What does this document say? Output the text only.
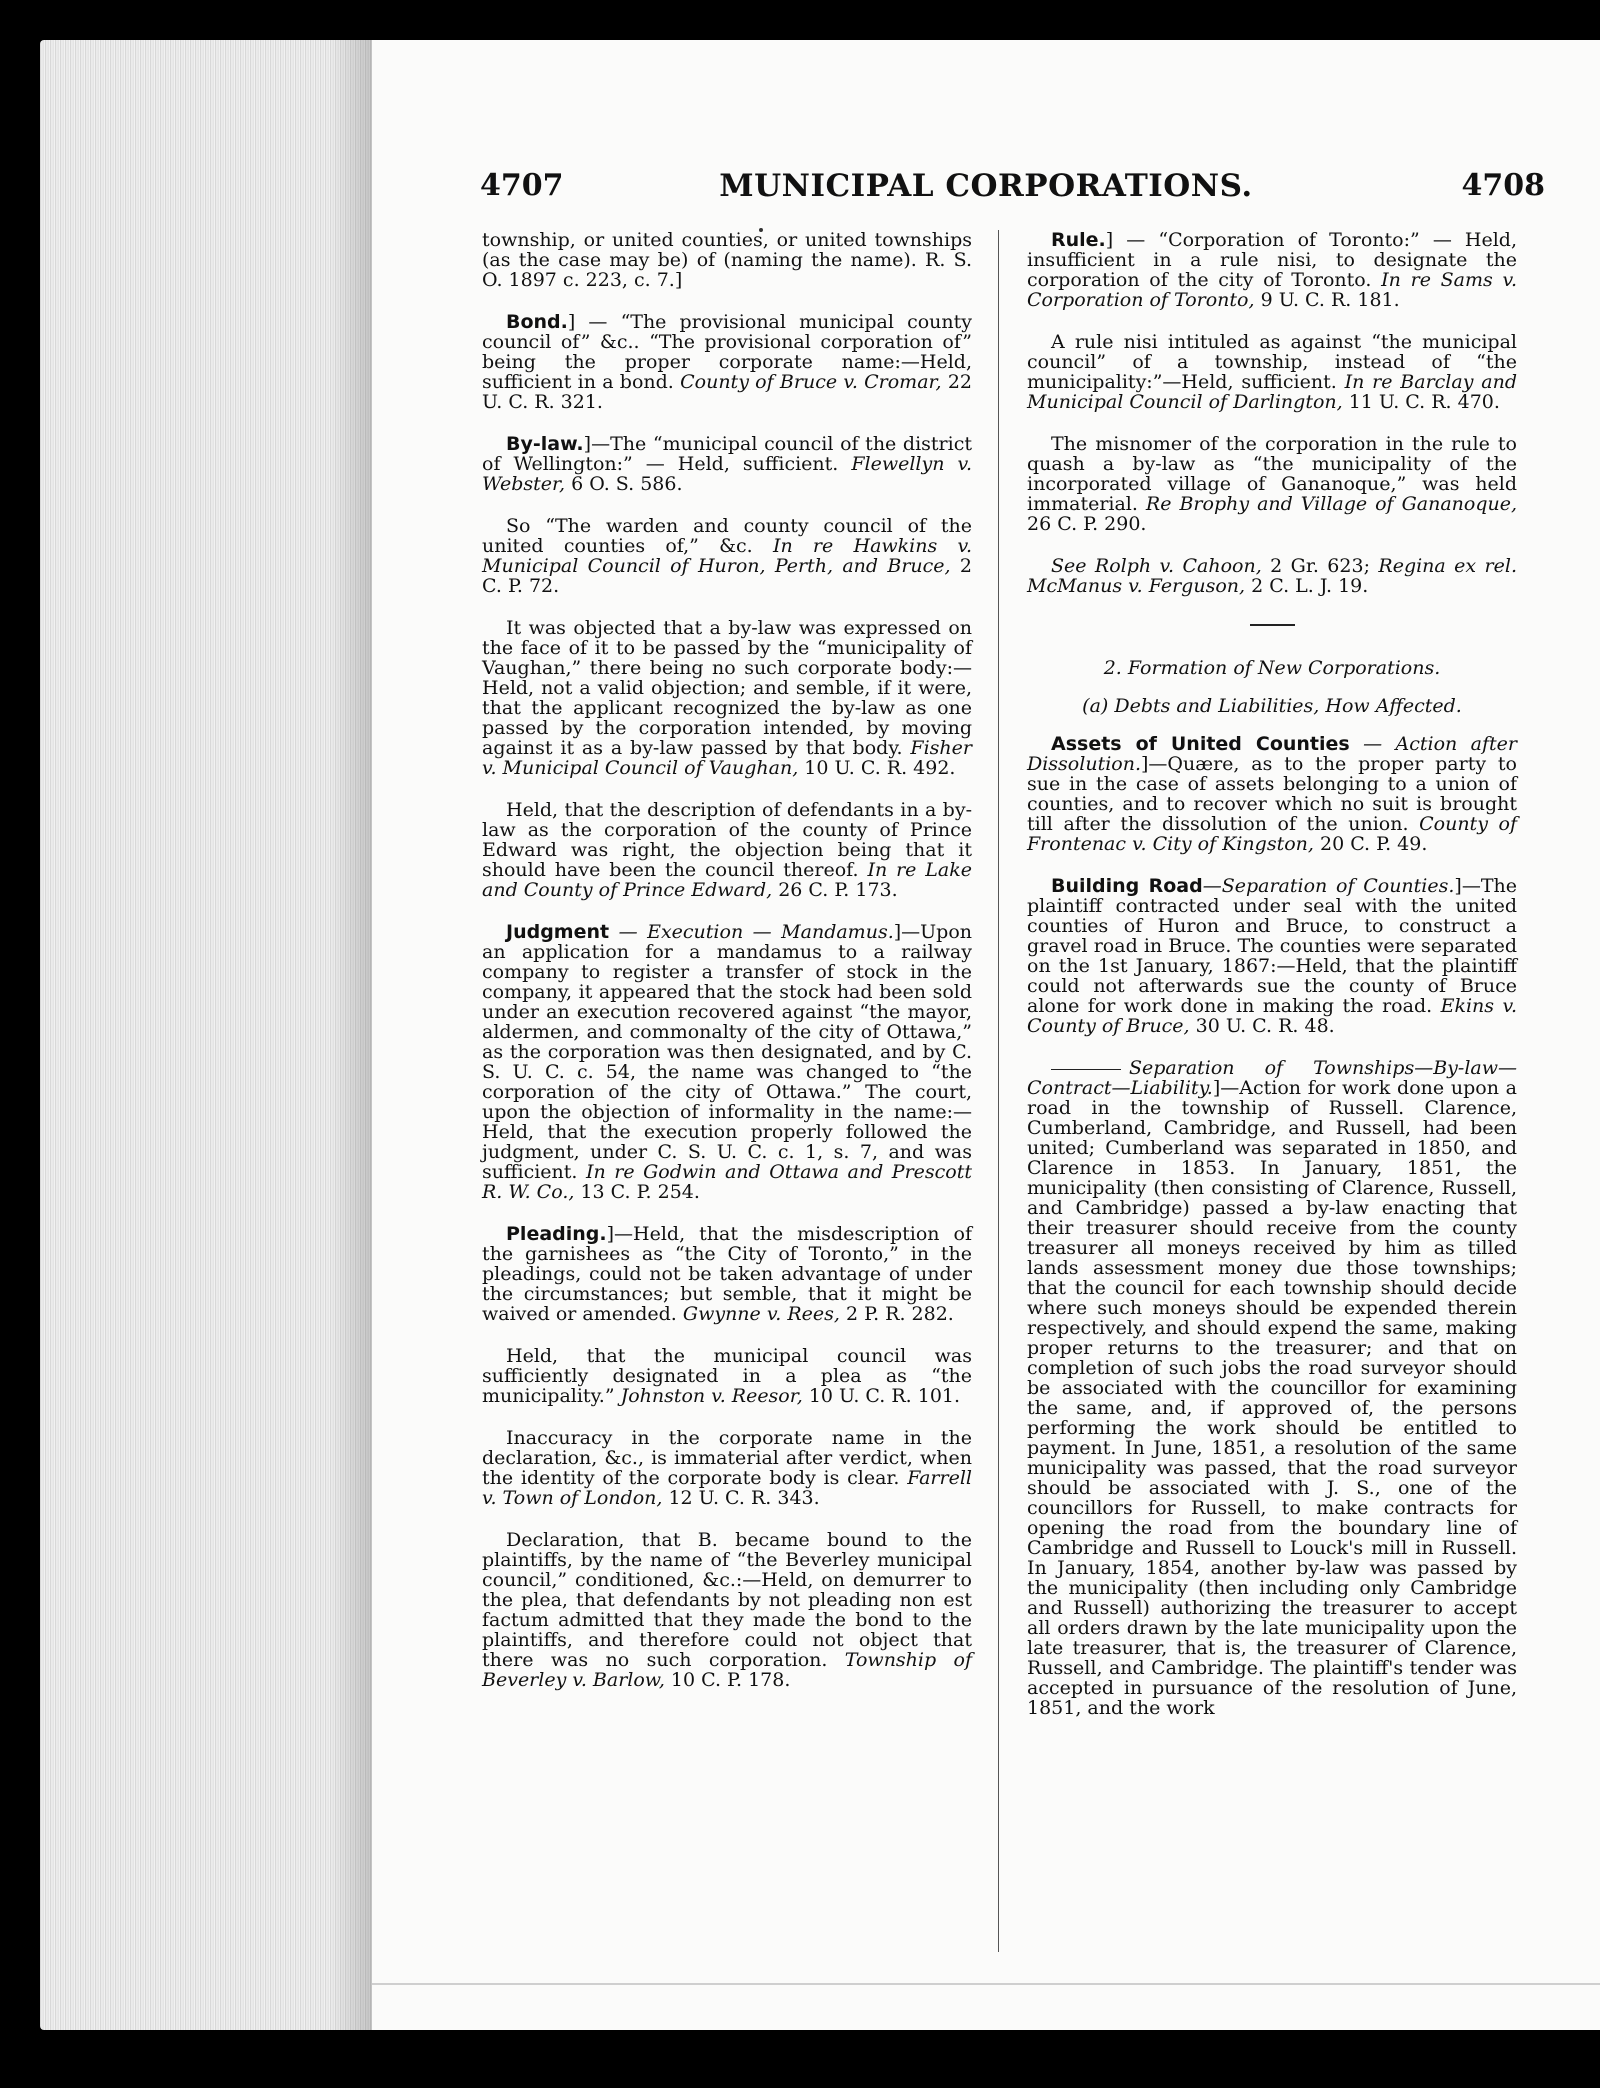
4707	MUNICIPAL CORPORATIONS.	4708

township, or united counties, or united townships (as the case may be) of (naming the name). R. S. O. 1897 c. 223, c. 7.]

Bond.] — “The provisional municipal county council of” &c.. “The provisional corporation of” being the proper corporate name:—Held, sufficient in a bond. County of Bruce v. Cromar, 22 U. C. R. 321.

By-law.]—The “municipal council of the district of Wellington:” — Held, sufficient. Flewellyn v. Webster, 6 O. S. 586.

So “The warden and county council of the united counties of,” &c. In re Hawkins v. Municipal Council of Huron, Perth, and Bruce, 2 C. P. 72.

It was objected that a by-law was expressed on the face of it to be passed by the “municipality of Vaughan,” there being no such corporate body:—Held, not a valid objection; and semble, if it were, that the applicant recognized the by-law as one passed by the corporation intended, by moving against it as a by-law passed by that body. Fisher v. Municipal Council of Vaughan, 10 U. C. R. 492.

Held, that the description of defendants in a by-law as the corporation of the county of Prince Edward was right, the objection being that it should have been the council thereof. In re Lake and County of Prince Edward, 26 C. P. 173.

Judgment — Execution — Mandamus.]—Upon an application for a mandamus to a railway company to register a transfer of stock in the company, it appeared that the stock had been sold under an execution recovered against “the mayor, aldermen, and commonalty of the city of Ottawa,” as the corporation was then designated, and by C. S. U. C. c. 54, the name was changed to “the corporation of the city of Ottawa.” The court, upon the objection of informality in the name:—Held, that the execution properly followed the judgment, under C. S. U. C. c. 1, s. 7, and was sufficient. In re Godwin and Ottawa and Prescott R. W. Co., 13 C. P. 254.

Pleading.]—Held, that the misdescription of the garnishees as “the City of Toronto,” in the pleadings, could not be taken advantage of under the circumstances; but semble, that it might be waived or amended. Gwynne v. Rees, 2 P. R. 282.

Held, that the municipal council was sufficiently designated in a plea as “the municipality.” Johnston v. Reesor, 10 U. C. R. 101.

Inaccuracy in the corporate name in the declaration, &c., is immaterial after verdict, when the identity of the corporate body is clear. Farrell v. Town of London, 12 U. C. R. 343.

Declaration, that B. became bound to the plaintiffs, by the name of “the Beverley municipal council,” conditioned, &c.:—Held, on demurrer to the plea, that defendants by not pleading non est factum admitted that they made the bond to the plaintiffs, and therefore could not object that there was no such corporation. Township of Beverley v. Barlow, 10 C. P. 178.

Rule.] — “Corporation of Toronto:” — Held, insufficient in a rule nisi, to designate the corporation of the city of Toronto. In re Sams v. Corporation of Toronto, 9 U. C. R. 181.

A rule nisi intituled as against “the municipal council” of a township, instead of “the municipality:”—Held, sufficient. In re Barclay and Municipal Council of Darlington, 11 U. C. R. 470.

The misnomer of the corporation in the rule to quash a by-law as “the municipality of the incorporated village of Gananoque,” was held immaterial. Re Brophy and Village of Gananoque, 26 C. P. 290.

See Rolph v. Cahoon, 2 Gr. 623; Regina ex rel. McManus v. Ferguson, 2 C. L. J. 19.

2. Formation of New Corporations.

(a) Debts and Liabilities, How Affected.

Assets of United Counties — Action after Dissolution.]—Quære, as to the proper party to sue in the case of assets belonging to a union of counties, and to recover which no suit is brought till after the dissolution of the union. County of Frontenac v. City of Kingston, 20 C. P. 49.

Building Road—Separation of Counties.]—The plaintiff contracted under seal with the united counties of Huron and Bruce, to construct a gravel road in Bruce. The counties were separated on the 1st January, 1867:—Held, that the plaintiff could not afterwards sue the county of Bruce alone for work done in making the road. Ekins v. County of Bruce, 30 U. C. R. 48.

Separation of Townships—By-law—Contract—Liability.]—Action for work done upon a road in the township of Russell. Clarence, Cumberland, Cambridge, and Russell, had been united; Cumberland was separated in 1850, and Clarence in 1853. In January, 1851, the municipality (then consisting of Clarence, Russell, and Cambridge) passed a by-law enacting that their treasurer should receive from the county treasurer all moneys received by him as tilled lands assessment money due those townships; that the council for each township should decide where such moneys should be expended therein respectively, and should expend the same, making proper returns to the treasurer; and that on completion of such jobs the road surveyor should be associated with the councillor for examining the same, and, if approved of, the persons performing the work should be entitled to payment. In June, 1851, a resolution of the same municipality was passed, that the road surveyor should be associated with J. S., one of the councillors for Russell, to make contracts for opening the road from the boundary line of Cambridge and Russell to Louck's mill in Russell. In January, 1854, another by-law was passed by the municipality (then including only Cambridge and Russell) authorizing the treasurer to accept all orders drawn by the late municipality upon the late treasurer, that is, the treasurer of Clarence, Russell, and Cambridge. The plaintiff's tender was accepted in pursuance of the resolution of June, 1851, and the work
